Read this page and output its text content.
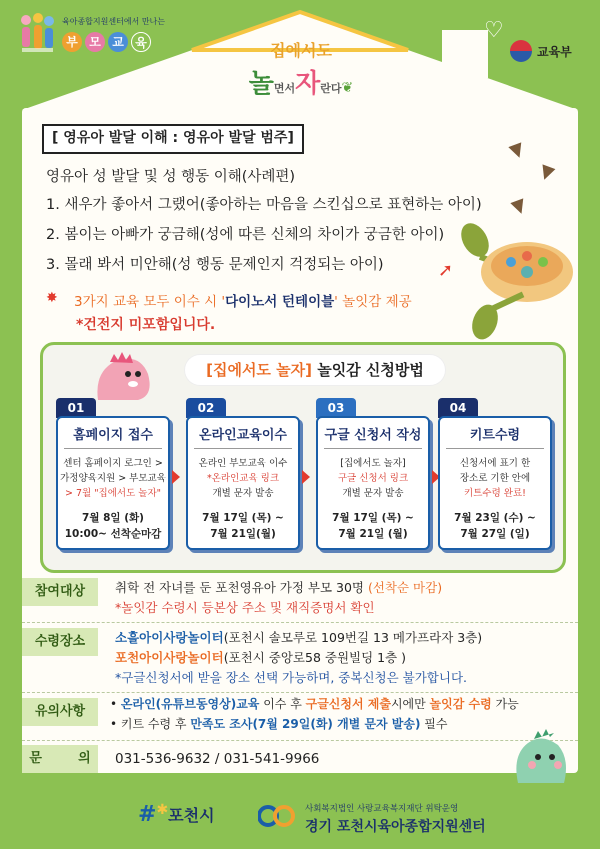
육아종합지원센터에서 만나는
부 모 교 육	♡
집에서도
놀면서자란다❦
교육부
[ 영유아 발달 이해 : 영유아 발달 범주]
영유아 성 발달 및 성 행동 이해(사례편)
1. 새우가 좋아서 그랬어(좋아하는 마음을 스킨십으로 표현하는 아이)
2. 봄이는 아빠가 궁금해(성에 따른 신체의 차이가 궁금한 아이)
3. 몰래 봐서 미안해(성 행동 문제인지 걱정되는 아이)
▼
▼
▼
➚
✸ 3가지 교육 모두 이수 시 '다이노서 턴테이블' 놀잇감 제공
*건전지 미포함입니다.
[집에서도 놀자] 놀잇감 신청방법
01
홈페이지 접수
센터 홈페이지 로그인 >
가정양육지원 > 부모교육
> 7월 "집에서도 놀자"
7월 8일 (화)
10:00~ 선착순마감
02
온라인교육이수
온라인 부모교육 이수
*온라인교육 링크
개별 문자 발송
7월 17일 (목) ~
7월 21일(월)
03
구글 신청서 작성
[집에서도 놀자]
구글 신청서 링크
개별 문자 발송
7월 17일 (목) ~
7월 21일 (월)
04
키트수령
신청서에 표기 한
장소로 기한 안에
키트수령 완료!
7월 23일 (수) ~
7월 27일 (일)
참여대상	취학 전 자녀를 둔 포천영유아 가정 부모 30명 (선착순 마감)
*놀잇감 수령시 등본상 주소 및 재직증명서 확인
수령장소	소흘아이사랑놀이터(포천시 솔모루로 109번길 13 메가프라자 3층)
포천아이사랑놀이터(포천시 중앙로58 중원빌딩 1층 )
*구글신청서에 받을 장소 선택 가능하며, 중복신청은 불가합니다.
유의사항	• 온라인(유튜브동영상)교육 이수 후 구글신청서 제출시에만 놀잇감 수령 가능
• 키트 수령 후 만족도 조사(7월 29일(화) 개별 문자 발송) 필수
문        의	031-536-9632 / 031-541-9966
#✱포천시	사회복지법인 사랑교육복지재단 위탁운영
경기 포천시육아종합지원센터
